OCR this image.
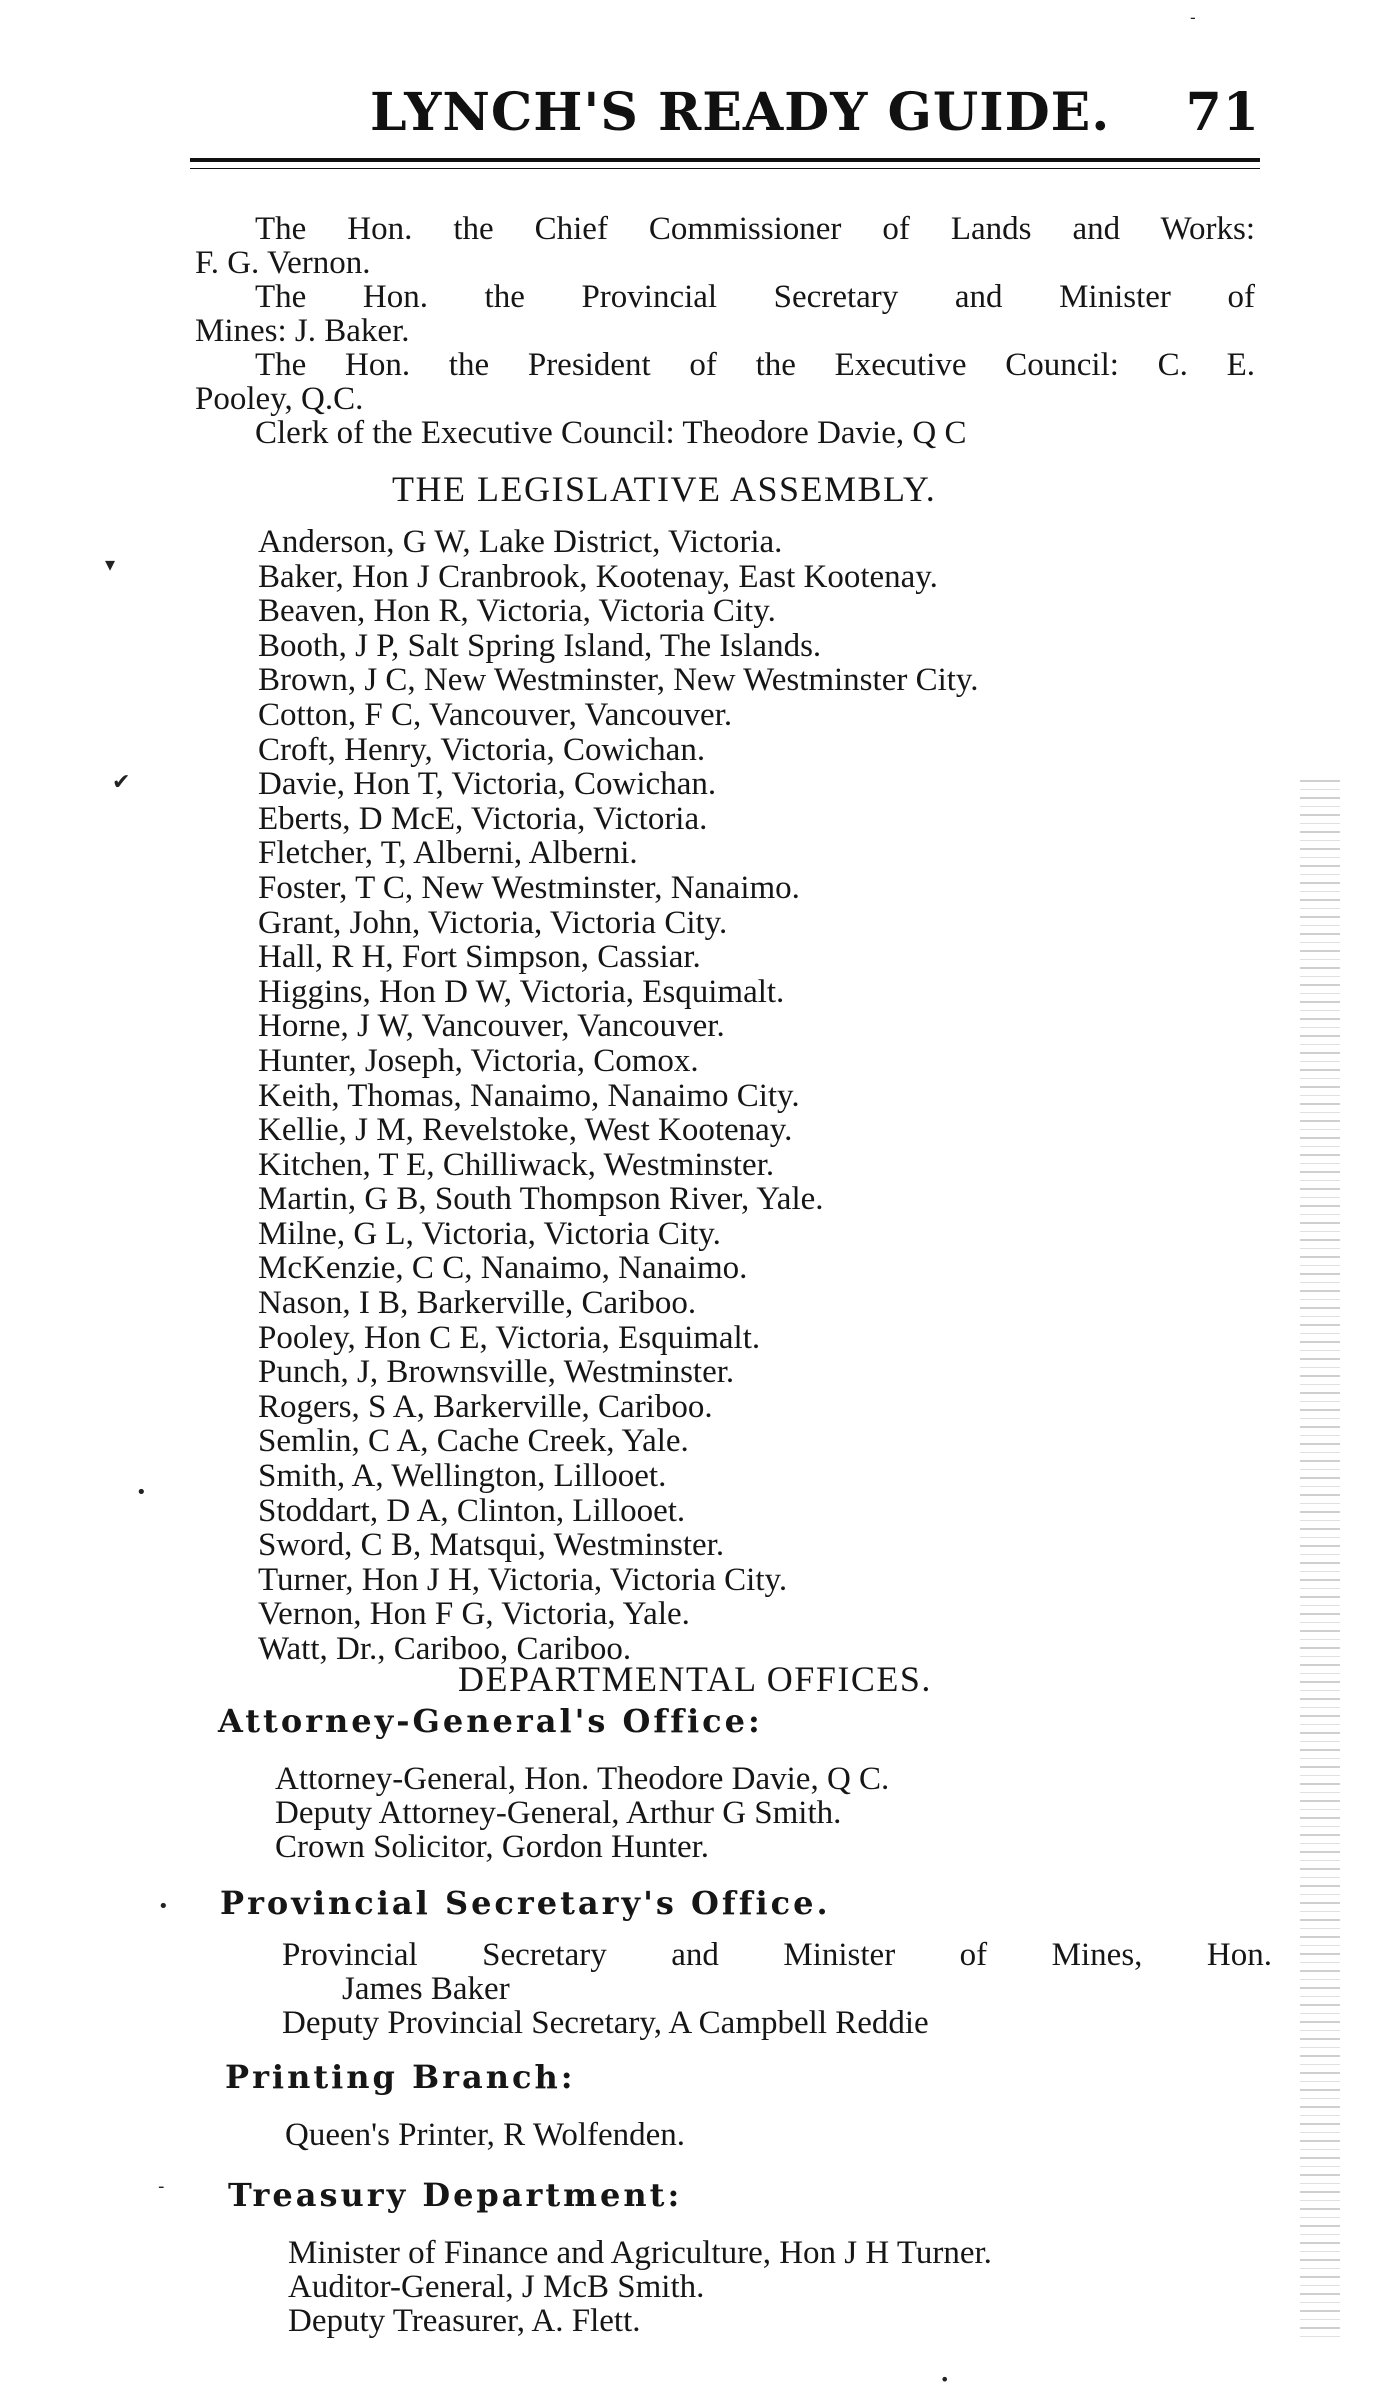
LYNCH'S READY GUIDE. 71
The Hon. the Chief Commissioner of Lands and Works:
F. G. Vernon.
The Hon. the Provincial Secretary and Minister of
Mines: J. Baker.
The Hon. the President of the Executive Council: C. E.
Pooley, Q.C.
Clerk of the Executive Council: Theodore Davie, Q C
THE LEGISLATIVE ASSEMBLY.
Anderson, G W, Lake District, Victoria.
Baker, Hon J Cranbrook, Kootenay, East Kootenay.
Beaven, Hon R, Victoria, Victoria City.
Booth, J P, Salt Spring Island, The Islands.
Brown, J C, New Westminster, New Westminster City.
Cotton, F C, Vancouver, Vancouver.
Croft, Henry, Victoria, Cowichan.
Davie, Hon T, Victoria, Cowichan.
Eberts, D McE, Victoria, Victoria.
Fletcher, T, Alberni, Alberni.
Foster, T C, New Westminster, Nanaimo.
Grant, John, Victoria, Victoria City.
Hall, R H, Fort Simpson, Cassiar.
Higgins, Hon D W, Victoria, Esquimalt.
Horne, J W, Vancouver, Vancouver.
Hunter, Joseph, Victoria, Comox.
Keith, Thomas, Nanaimo, Nanaimo City.
Kellie, J M, Revelstoke, West Kootenay.
Kitchen, T E, Chilliwack, Westminster.
Martin, G B, South Thompson River, Yale.
Milne, G L, Victoria, Victoria City.
McKenzie, C C, Nanaimo, Nanaimo.
Nason, I B, Barkerville, Cariboo.
Pooley, Hon C E, Victoria, Esquimalt.
Punch, J, Brownsville, Westminster.
Rogers, S A, Barkerville, Cariboo.
Semlin, C A, Cache Creek, Yale.
Smith, A, Wellington, Lillooet.
Stoddart, D A, Clinton, Lillooet.
Sword, C B, Matsqui, Westminster.
Turner, Hon J H, Victoria, Victoria City.
Vernon, Hon F G, Victoria, Yale.
Watt, Dr., Cariboo, Cariboo.
DEPARTMENTAL OFFICES.
Attorney-General's Office:
Attorney-General, Hon. Theodore Davie, Q C.
Deputy Attorney-General, Arthur G Smith.
Crown Solicitor, Gordon Hunter.
Provincial Secretary's Office.
Provincial Secretary and Minister of Mines, Hon.
James Baker
Deputy Provincial Secretary, A Campbell Reddie
Printing Branch:
Queen's Printer, R Wolfenden.
Treasury Department:
Minister of Finance and Agriculture, Hon J H Turner.
Auditor-General, J McB Smith.
Deputy Treasurer, A. Flett.
▾
✔
•
•
-
•
-
